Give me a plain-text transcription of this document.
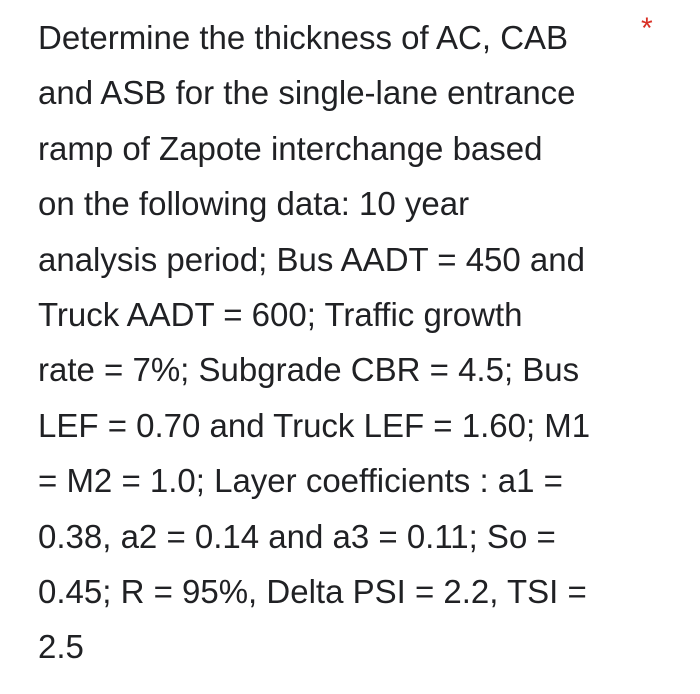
Determine the thickness of AC, CAB
and ASB for the single-lane entrance
ramp of Zapote interchange based
on the following data: 10 year
analysis period; Bus AADT = 450 and
Truck AADT = 600; Traffic growth
rate = 7%; Subgrade CBR = 4.5; Bus
LEF = 0.70 and Truck LEF = 1.60; M1
= M2 = 1.0; Layer coefficients : a1 =
0.38, a2 = 0.14 and a3 = 0.11; So =
0.45; R = 95%, Delta PSI = 2.2, TSI =
2.5
*
